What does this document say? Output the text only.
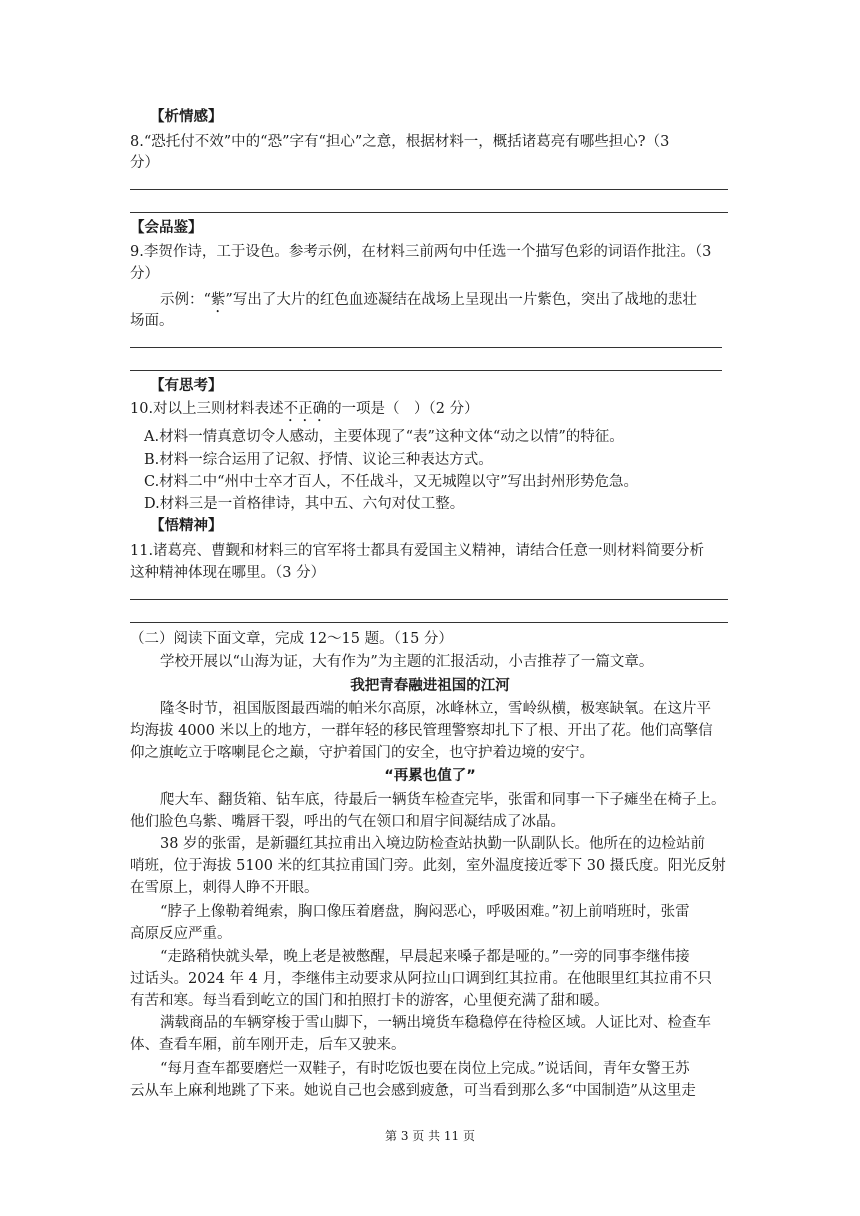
【析情感】
8.“恐托付不效”中的“恐”字有“担心”之意，根据材料一，概括诸葛亮有哪些担心?（3
分）
【会品鉴】
9.李贺作诗，工于设色。参考示例，在材料三前两句中任选一个描写色彩的词语作批注。（3
分）
示例：“紫”写出了大片的红色血迹凝结在战场上呈现出一片紫色，突出了战地的悲壮
场面。
【有思考】
10.对以上三则材料表述不正确的一项是（　）（2 分）
A.材料一情真意切令人感动，主要体现了“表”这种文体“动之以情”的特征。
B.材料一综合运用了记叙、抒情、议论三种表达方式。
C.材料二中“州中士卒才百人，不任战斗，又无城隍以守”写出封州形势危急。
D.材料三是一首格律诗，其中五、六句对仗工整。
【悟精神】
11.诸葛亮、曹觐和材料三的官军将士都具有爱国主义精神，请结合任意一则材料简要分析
这种精神体现在哪里。（3 分）
（二）阅读下面文章，完成 12～15 题。（15 分）
学校开展以“山海为证，大有作为”为主题的汇报活动，小吉推荐了一篇文章。
我把青春融进祖国的江河
隆冬时节，祖国版图最西端的帕米尔高原，冰峰林立，雪岭纵横，极寒缺氧。在这片平
均海拔 4000 米以上的地方，一群年轻的移民管理警察却扎下了根、开出了花。他们高擎信
仰之旗屹立于喀喇昆仑之巅，守护着国门的安全，也守护着边境的安宁。
“再累也值了”
爬大车、翻货箱、钻车底，待最后一辆货车检查完毕，张雷和同事一下子瘫坐在椅子上。
他们脸色乌紫、嘴唇干裂，呼出的气在领口和眉宇间凝结成了冰晶。
38 岁的张雷，是新疆红其拉甫出入境边防检查站执勤一队副队长。他所在的边检站前
哨班，位于海拔 5100 米的红其拉甫国门旁。此刻，室外温度接近零下 30 摄氏度。阳光反射
在雪原上，刺得人睁不开眼。
“脖子上像勒着绳索，胸口像压着磨盘，胸闷恶心，呼吸困难。”初上前哨班时，张雷
高原反应严重。
“走路稍快就头晕，晚上老是被憋醒，早晨起来嗓子都是哑的。”一旁的同事李继伟接
过话头。2024 年 4 月，李继伟主动要求从阿拉山口调到红其拉甫。在他眼里红其拉甫不只
有苦和寒。每当看到屹立的国门和拍照打卡的游客，心里便充满了甜和暖。
满载商品的车辆穿梭于雪山脚下，一辆出境货车稳稳停在待检区域。人证比对、检查车
体、查看车厢，前车刚开走，后车又驶来。
“每月查车都要磨烂一双鞋子，有时吃饭也要在岗位上完成。”说话间，青年女警王苏
云从车上麻利地跳了下来。她说自己也会感到疲惫，可当看到那么多“中国制造”从这里走
第 3 页 共 11 页
